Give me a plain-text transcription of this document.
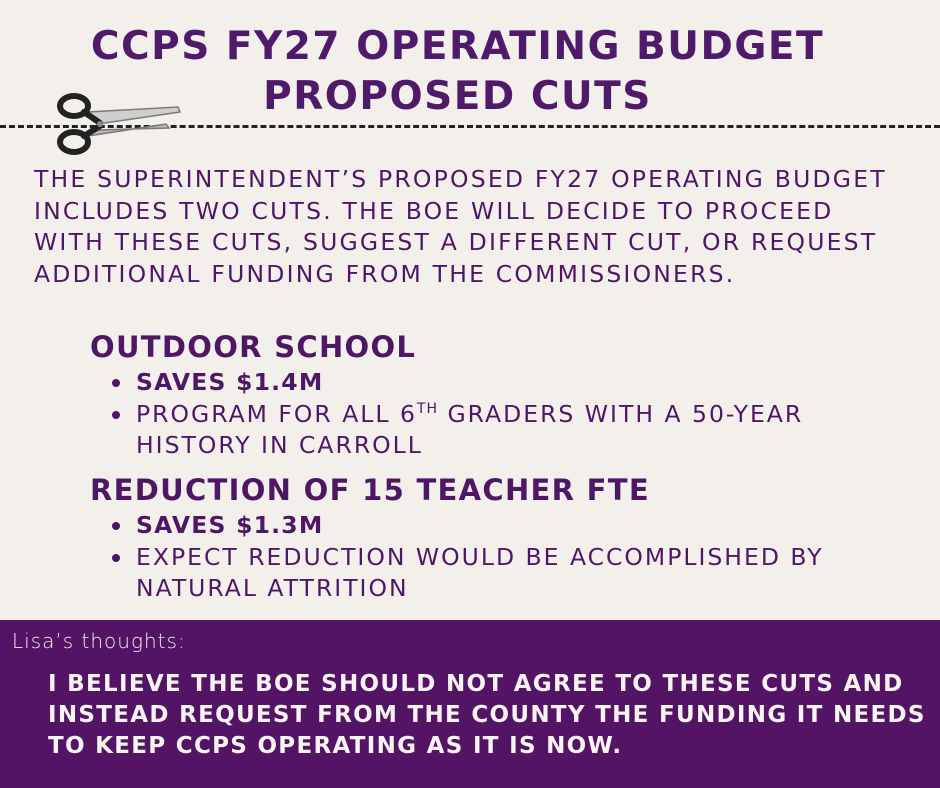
CCPS FY27 OPERATING BUDGET
PROPOSED CUTS

THE SUPERINTENDENT’S PROPOSED FY27 OPERATING BUDGET INCLUDES TWO CUTS. THE BOE WILL DECIDE TO PROCEED WITH THESE CUTS, SUGGEST A DIFFERENT CUT, OR REQUEST ADDITIONAL FUNDING FROM THE COMMISSIONERS.

OUTDOOR SCHOOL
SAVES $1.4M
PROGRAM FOR ALL 6TH GRADERS WITH A 50-YEAR HISTORY IN CARROLL
REDUCTION OF 15 TEACHER FTE
SAVES $1.3M
EXPECT REDUCTION WOULD BE ACCOMPLISHED BY NATURAL ATTRITION
Lisa’s thoughts:

I BELIEVE THE BOE SHOULD NOT AGREE TO THESE CUTS AND INSTEAD REQUEST FROM THE COUNTY THE FUNDING IT NEEDS TO KEEP CCPS OPERATING AS IT IS NOW.
